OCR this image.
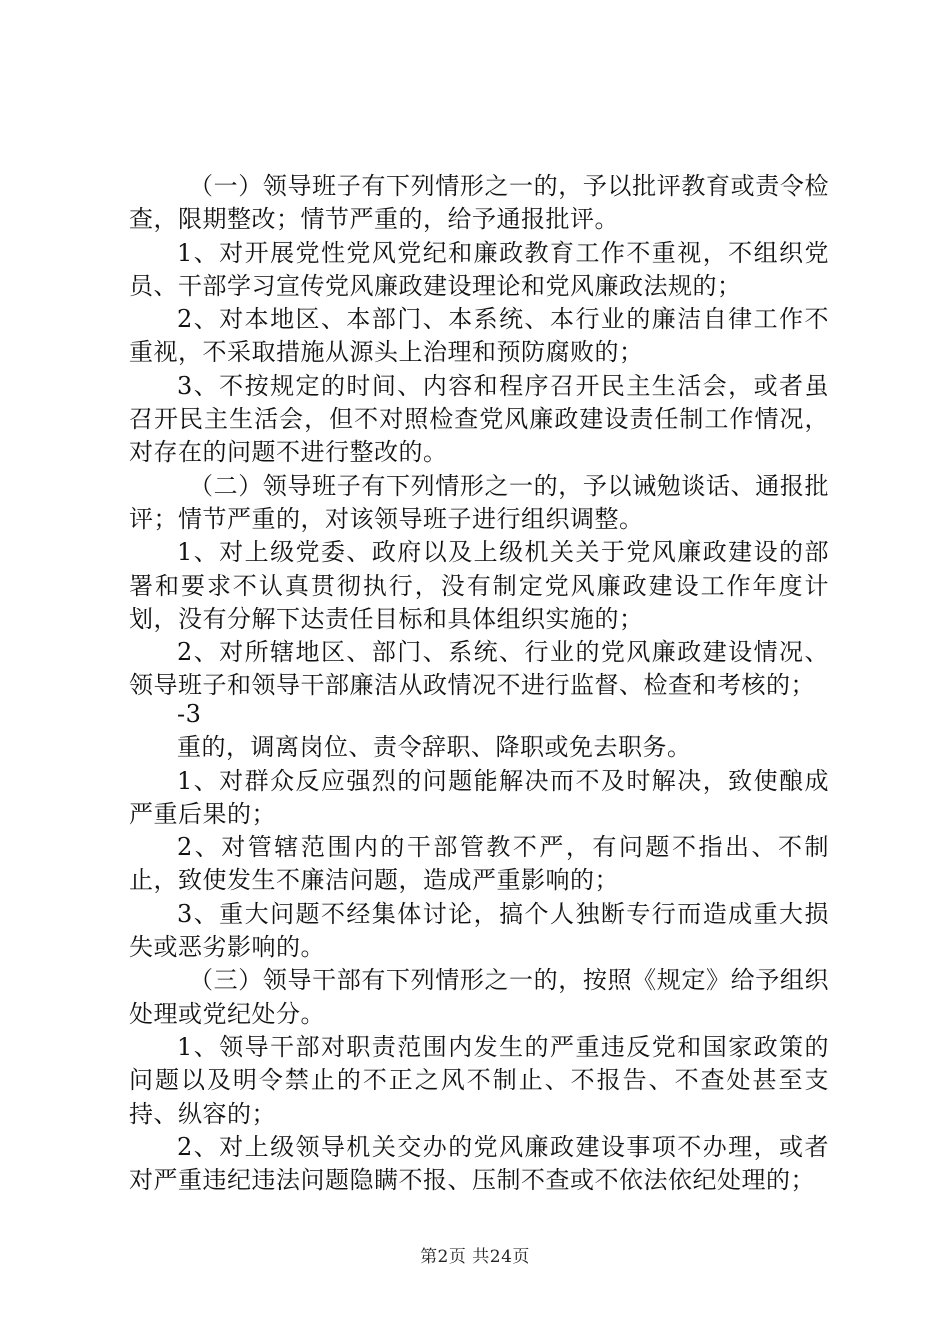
（一）领导班子有下列情形之一的，予以批评教育或责令检查，限期整改；情节严重的，给予通报批评。

1、对开展党性党风党纪和廉政教育工作不重视，不组织党员、干部学习宣传党风廉政建设理论和党风廉政法规的；

2、对本地区、本部门、本系统、本行业的廉洁自律工作不重视，不采取措施从源头上治理和预防腐败的；

3、不按规定的时间、内容和程序召开民主生活会，或者虽召开民主生活会，但不对照检查党风廉政建设责任制工作情况，对存在的问题不进行整改的。

（二）领导班子有下列情形之一的，予以诫勉谈话、通报批评；情节严重的，对该领导班子进行组织调整。

1、对上级党委、政府以及上级机关关于党风廉政建设的部署和要求不认真贯彻执行，没有制定党风廉政建设工作年度计划，没有分解下达责任目标和具体组织实施的；

2、对所辖地区、部门、系统、行业的党风廉政建设情况、领导班子和领导干部廉洁从政情况不进行监督、检查和考核的；

-3

重的，调离岗位、责令辞职、降职或免去职务。

1、对群众反应强烈的问题能解决而不及时解决，致使酿成严重后果的；

2、对管辖范围内的干部管教不严，有问题不指出、不制止，致使发生不廉洁问题，造成严重影响的；

3、重大问题不经集体讨论，搞个人独断专行而造成重大损失或恶劣影响的。

（三）领导干部有下列情形之一的，按照《规定》给予组织处理或党纪处分。

1、领导干部对职责范围内发生的严重违反党和国家政策的问题以及明令禁止的不正之风不制止、不报告、不查处甚至支持、纵容的；

2、对上级领导机关交办的党风廉政建设事项不办理，或者对严重违纪违法问题隐瞒不报、压制不查或不依法依纪处理的；

第2页 共24页
